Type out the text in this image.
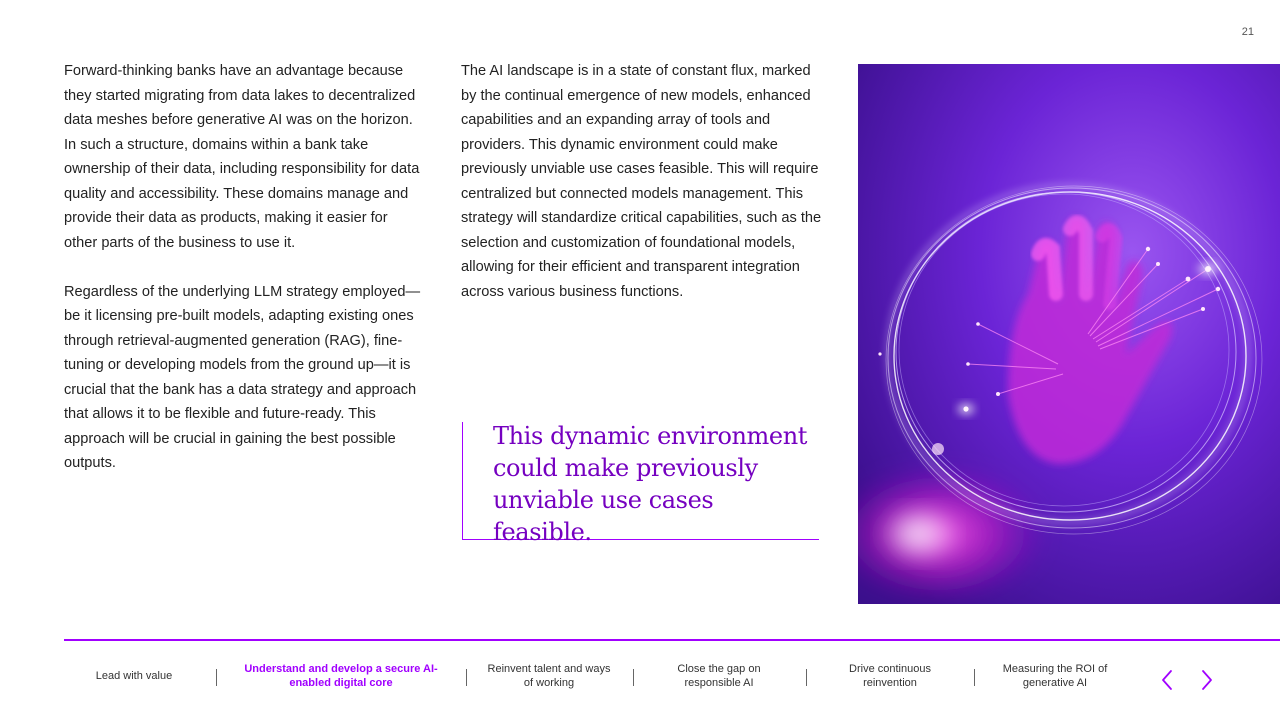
21

Forward-thinking banks have an advantage because they started migrating from data lakes to decentralized data meshes before generative AI was on the horizon. In such a structure, domains within a bank take ownership of their data, including responsibility for data quality and accessibility. These domains manage and provide their data as products, making it easier for other parts of the business to use it.

Regardless of the underlying LLM strategy employed—be it licensing pre-built models, adapting existing ones through retrieval-augmented generation (RAG), fine-tuning or developing models from the ground up—it is crucial that the bank has a data strategy and approach that allows it to be flexible and future-ready. This approach will be crucial in gaining the best possible outputs.

The AI landscape is in a state of constant flux, marked by the continual emergence of new models, enhanced capabilities and an expanding array of tools and providers. This dynamic environment could make previously unviable use cases feasible. This will require centralized but connected models management. This strategy will standardize critical capabilities, such as the selection and customization of foundational models, allowing for their efficient and transparent integration across various business functions.

This dynamic environment could make previously unviable use cases feasible.
Lead with value
Understand and develop a secure AI-enabled digital core
Reinvent talent and ways of working
Close the gap on responsible AI
Drive continuous reinvention
Measuring the ROI of generative AI
